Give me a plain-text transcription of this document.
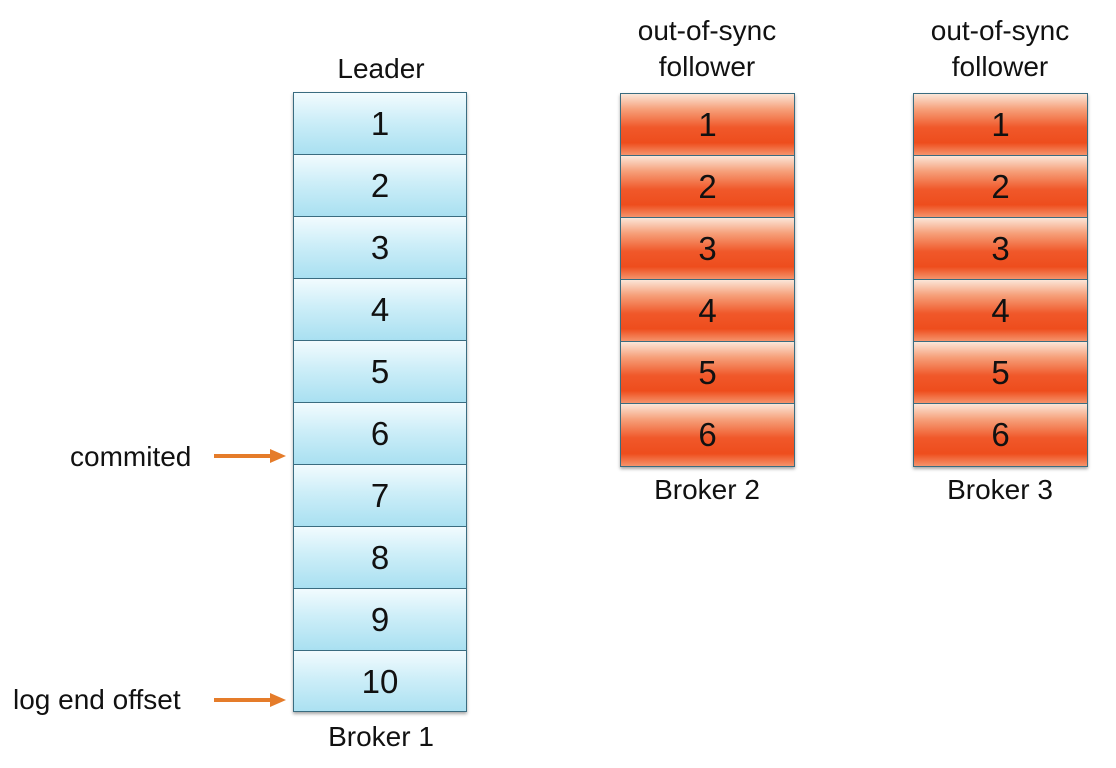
Leader
1
2
3
4
5
6
7
8
9
10
Broker 1
out-of-sync
follower
1
2
3
4
5
6
Broker 2
out-of-sync
follower
1
2
3
4
5
6
Broker 3
commited
log end offset
